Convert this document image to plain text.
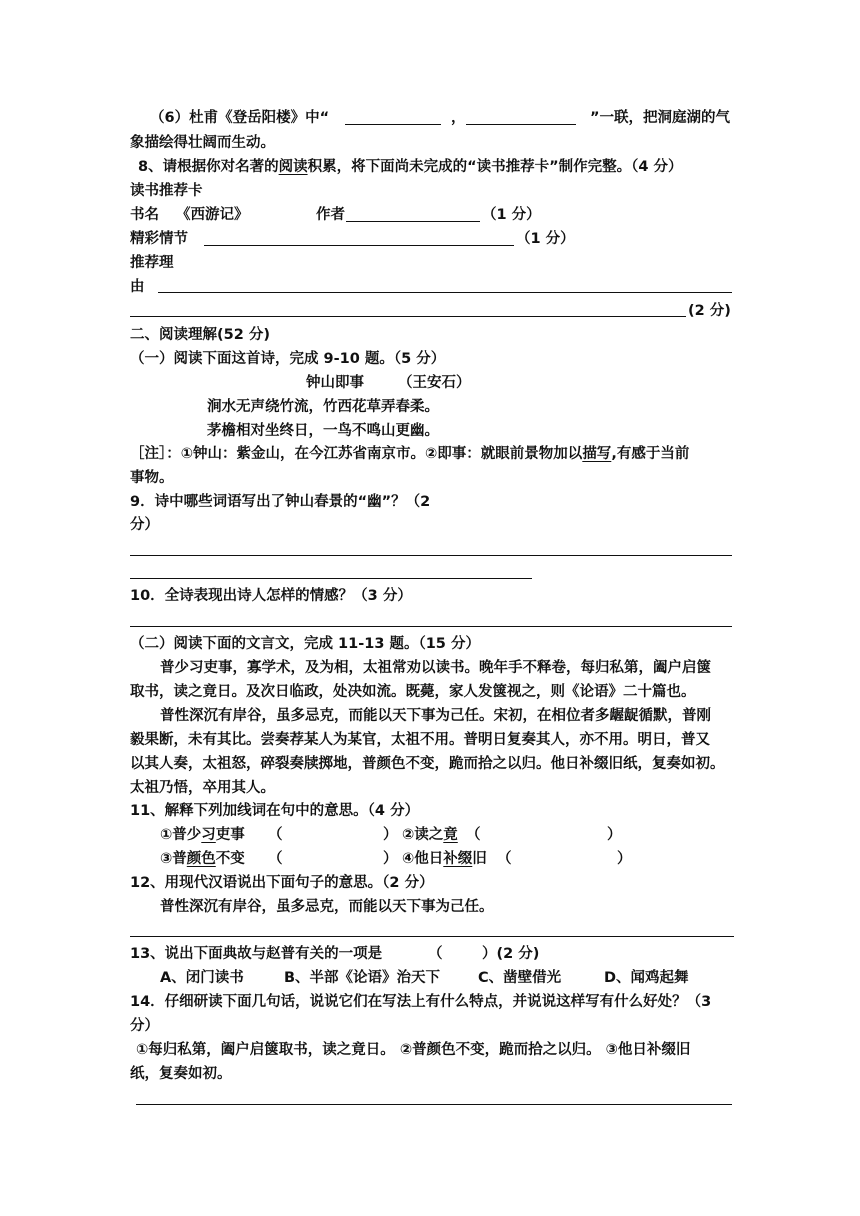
（6）杜甫《登岳阳楼》中“	，	”一联，把洞庭湖的气
象描绘得壮阔而生动。
8、请根据你对名著的阅读积累，将下面尚未完成的“读书推荐卡”制作完整。（4 分）
读书推荐卡
书名 《西游记》	作者	（1 分）
精彩情节	（1 分）
推荐理
由
(2 分)
二、阅读理解(52 分)
（一）阅读下面这首诗，完成 9-10 题。（5 分）
钟山即事 （王安石）
涧水无声绕竹流，竹西花草弄春柔。
茅檐相对坐终日，一鸟不鸣山更幽。
［注］：①钟山：紫金山，在今江苏省南京市。②即事：就眼前景物加以描写,有感于当前
事物。
9．诗中哪些词语写出了钟山春景的“幽”？（2
分）
10．全诗表现出诗人怎样的情感？（3 分）
（二）阅读下面的文言文，完成 11-13 题。（15 分）
普少习吏事，寡学术，及为相，太祖常劝以读书。晚年手不释卷，每归私第，阖户启箧
取书，读之竟日。及次日临政，处决如流。既薨，家人发箧视之，则《论语》二十篇也。
普性深沉有岸谷，虽多忌克，而能以天下事为己任。宋初，在相位者多龌龊循默，普刚
毅果断，未有其比。尝奏荐某人为某官，太祖不用。普明日复奏其人，亦不用。明日，普又
以其人奏，太祖怒，碎裂奏牍掷地，普颜色不变，跪而拾之以归。他日补缀旧纸，复奏如初。
太祖乃悟，卒用其人。
11、解释下列加线词在句中的意思。（4 分）
①普少习吏事 （	） ②读之竟 （	）
③普颜色不变 （	） ④他日补缀旧 （	）
12、用现代汉语说出下面句子的意思。（2 分）
普性深沉有岸谷，虽多忌克，而能以天下事为己任。
13、说出下面典故与赵普有关的一项是	（	）(2 分)
A、闭门读书	B、半部《论语》治天下	C、凿壁借光	D、闻鸡起舞
14．仔细研读下面几句话，说说它们在写法上有什么特点，并说说这样写有什么好处？（3
分）
①每归私第，阖户启箧取书，读之竟日。 ②普颜色不变，跪而拾之以归。 ③他日补缀旧
纸，复奏如初。
